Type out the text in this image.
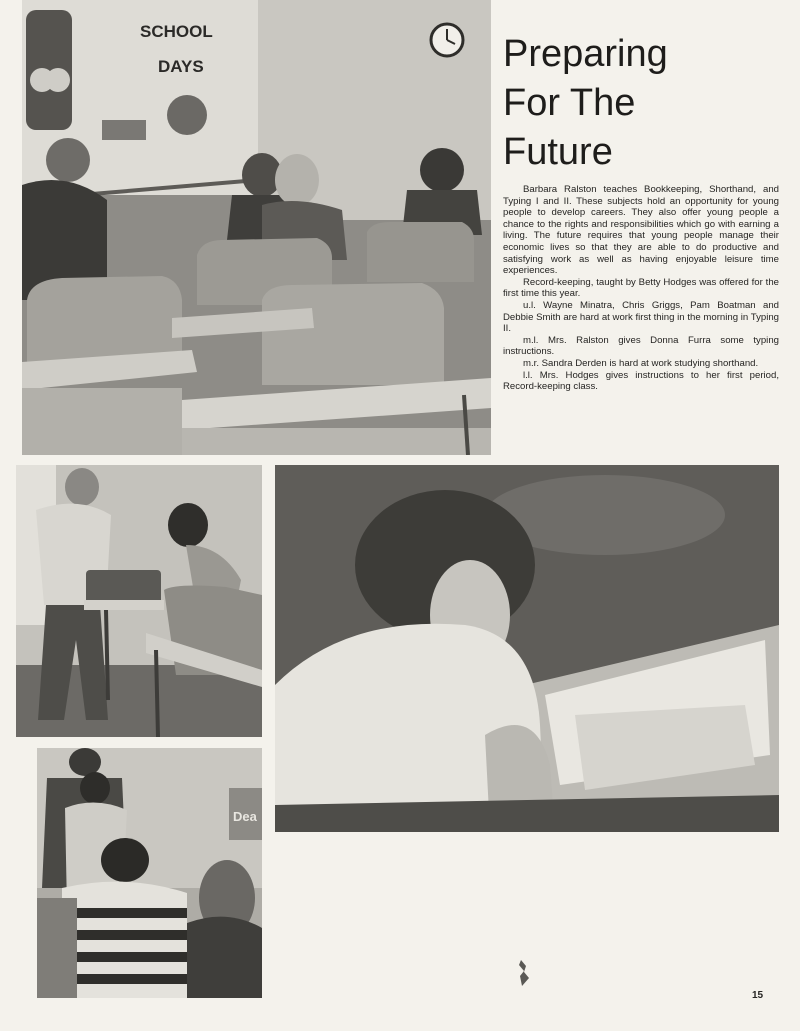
SCHOOL
DAYS	Preparing
For The
Future

Barbara Ralston teaches Bookkeeping, Shorthand, and Typing I and II. These subjects hold an opportunity for young people to develop careers. They also offer young people a chance to the rights and responsibilities which go with earning a living. The future requires that young people manage their economic lives so that they are able to do productive and satisfying work as well as having enjoyable leisure time experiences.

Record-keeping, taught by Betty Hodges was offered for the first time this year.

u.l. Wayne Minatra, Chris Griggs, Pam Boatman and Debbie Smith are hard at work first thing in the morning in Typing II.

m.l. Mrs. Ralston gives Donna Furra some typing instructions.

m.r. Sandra Derden is hard at work studying shorthand.

l.l. Mrs. Hodges gives instructions to her first period, Record-keeping class.

Dea
15
